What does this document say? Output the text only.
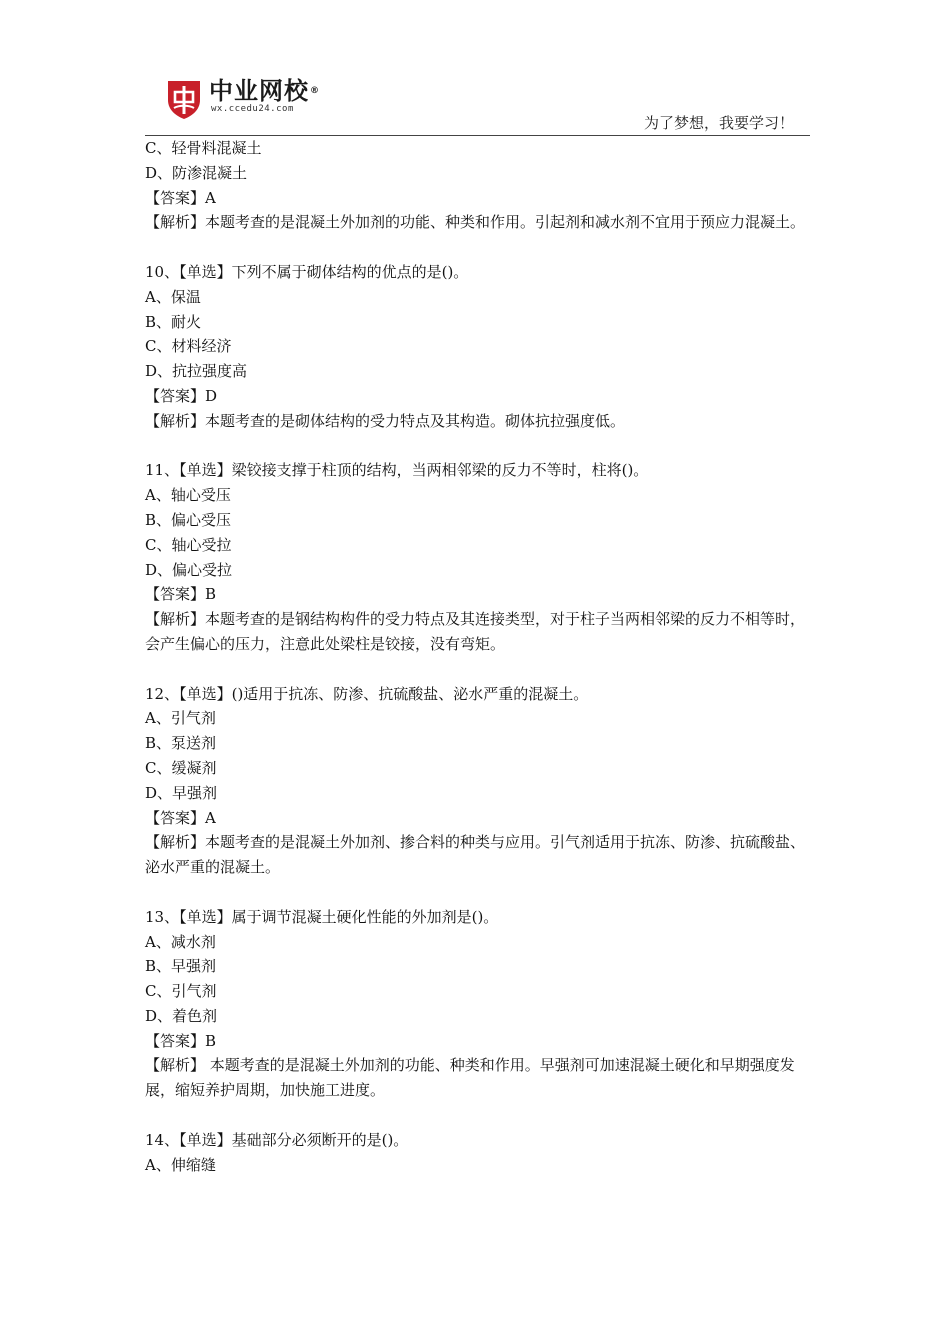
中业网校®
wx.ccedu24.com
为了梦想，我要学习！
C、轻骨料混凝土
D、防渗混凝土
【答案】A
【解析】本题考查的是混凝土外加剂的功能、种类和作用。引起剂和减水剂不宜用于预应力混凝土。
10、【单选】下列不属于砌体结构的优点的是()。
A、保温
B、耐火
C、材料经济
D、抗拉强度高
【答案】D
【解析】本题考查的是砌体结构的受力特点及其构造。砌体抗拉强度低。
11、【单选】梁铰接支撑于柱顶的结构，当两相邻梁的反力不等时，柱将()。
A、轴心受压
B、偏心受压
C、轴心受拉
D、偏心受拉
【答案】B
【解析】本题考查的是钢结构构件的受力特点及其连接类型，对于柱子当两相邻梁的反力不相等时，会产生偏心的压力，注意此处梁柱是铰接，没有弯矩。
12、【单选】()适用于抗冻、防渗、抗硫酸盐、泌水严重的混凝土。
A、引气剂
B、泵送剂
C、缓凝剂
D、早强剂
【答案】A
【解析】本题考查的是混凝土外加剂、掺合料的种类与应用。引气剂适用于抗冻、防渗、抗硫酸盐、泌水严重的混凝土。
13、【单选】属于调节混凝土硬化性能的外加剂是()。
A、减水剂
B、早强剂
C、引气剂
D、着色剂
【答案】B
【解析】 本题考查的是混凝土外加剂的功能、种类和作用。早强剂可加速混凝土硬化和早期强度发展，缩短养护周期，加快施工进度。
14、【单选】基础部分必须断开的是()。
A、伸缩缝
